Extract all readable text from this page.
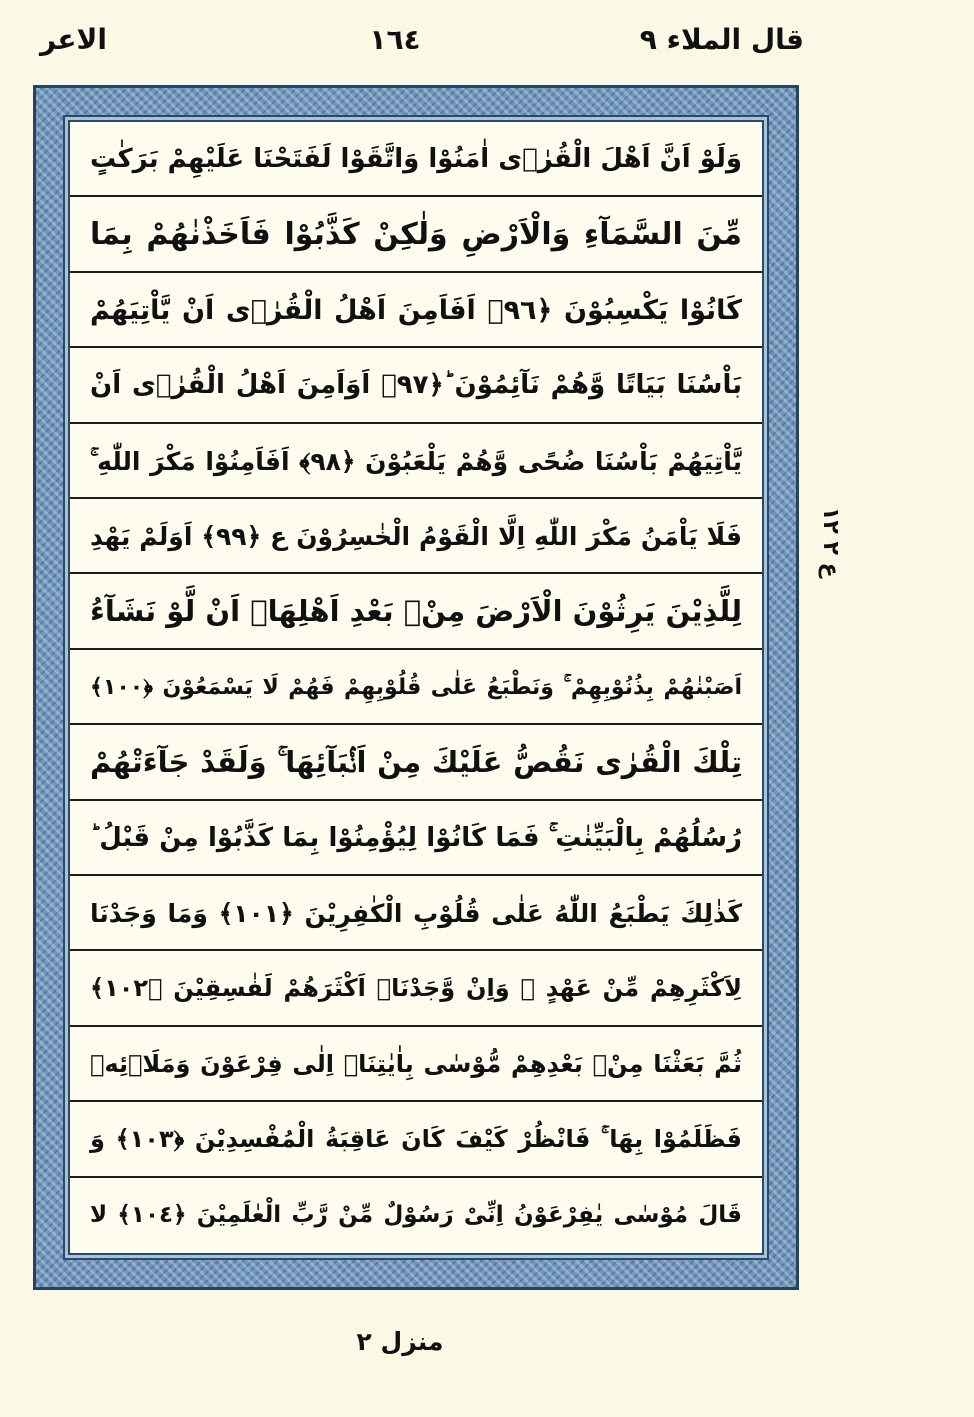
قال الملاء ٩
١٦٤
الاعر
وَلَوْ اَنَّ اَهْلَ الْقُرٰۤى اٰمَنُوْا وَاتَّقَوْا لَفَتَحْنَا عَلَيْهِمْ بَرَكٰتٍ
مِّنَ السَّمَآءِ وَالْاَرْضِ وَلٰكِنْ كَذَّبُوْا فَاَخَذْنٰهُمْ بِمَا
كَانُوْا يَكْسِبُوْنَ ﴿٩٦﴾ اَفَاَمِنَ اَهْلُ الْقُرٰۤى اَنْ يَّاْتِيَهُمْ
بَاْسُنَا بَيَاتًا وَّهُمْ نَآئِمُوْنَ ؕ﴿٩٧﴾ اَوَاَمِنَ اَهْلُ الْقُرٰۤى اَنْ
يَّاْتِيَهُمْ بَاْسُنَا ضُحًى وَّهُمْ يَلْعَبُوْنَ ﴿٩٨﴾ اَفَاَمِنُوْا مَكْرَ اللّٰهِ ۚ
فَلَا يَاْمَنُ مَكْرَ اللّٰهِ اِلَّا الْقَوْمُ الْخٰسِرُوْنَ ع ﴿٩٩﴾ اَوَلَمْ يَهْدِ
لِلَّذِيْنَ يَرِثُوْنَ الْاَرْضَ مِنْۢ بَعْدِ اَهْلِهَاۤ اَنْ لَّوْ نَشَآءُ
اَصَبْنٰهُمْ بِذُنُوْبِهِمْ ۚ وَنَطْبَعُ عَلٰى قُلُوْبِهِمْ فَهُمْ لَا يَسْمَعُوْنَ ﴿١٠٠﴾
تِلْكَ الْقُرٰى نَقُصُّ عَلَيْكَ مِنْ اَنْۢبَآئِهَا ۚ وَلَقَدْ جَآءَتْهُمْ
رُسُلُهُمْ بِالْبَيِّنٰتِ ۚ فَمَا كَانُوْا لِيُؤْمِنُوْا بِمَا كَذَّبُوْا مِنْ قَبْلُ ؕ
كَذٰلِكَ يَطْبَعُ اللّٰهُ عَلٰى قُلُوْبِ الْكٰفِرِيْنَ ﴿١٠١﴾ وَمَا وَجَدْنَا
لِاَكْثَرِهِمْ مِّنْ عَهْدٍ ۚ وَاِنْ وَّجَدْنَاۤ اَكْثَرَهُمْ لَفٰسِقِيْنَ ﴿١٠٢﴾
ثُمَّ بَعَثْنَا مِنْۢ بَعْدِهِمْ مُّوْسٰى بِاٰيٰتِنَاۤ اِلٰى فِرْعَوْنَ وَمَلَا۟ئِهٖ
فَظَلَمُوْا بِهَا ۚ فَانْظُرْ كَيْفَ كَانَ عَاقِبَةُ الْمُفْسِدِيْنَ ﴿١٠٣﴾ وَ
قَالَ مُوْسٰى يٰفِرْعَوْنُ اِنِّىْ رَسُوْلٌ مِّنْ رَّبِّ الْعٰلَمِيْنَ ﴿١٠٤﴾ لا
ع ٢ ١٢
منزل ٢
